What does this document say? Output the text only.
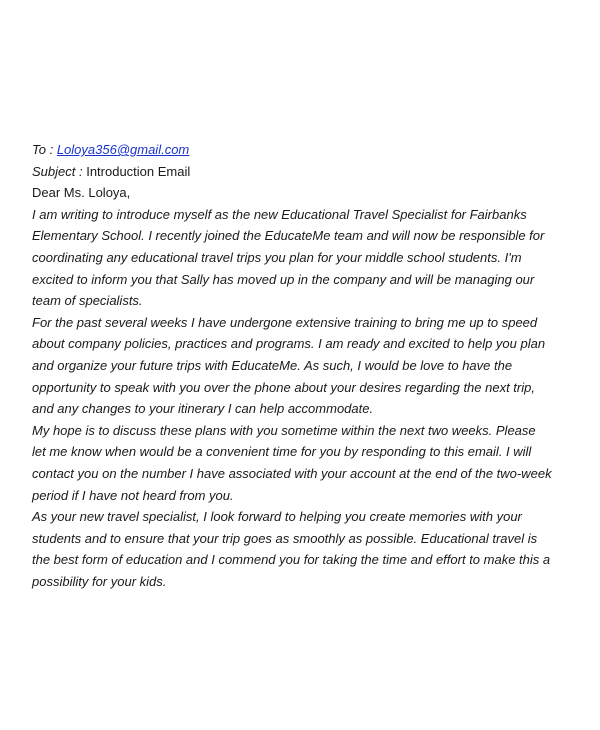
To : Loloya356@gmail.com
Subject : Introduction Email
Dear Ms. Loloya,
I am writing to introduce myself as the new Educational Travel Specialist for Fairbanks
Elementary School. I recently joined the EducateMe team and will now be responsible for
coordinating any educational travel trips you plan for your middle school students. I'm
excited to inform you that Sally has moved up in the company and will be managing our
team of specialists.
For the past several weeks I have undergone extensive training to bring me up to speed
about company policies, practices and programs. I am ready and excited to help you plan
and organize your future trips with EducateMe. As such, I would be love to have the
opportunity to speak with you over the phone about your desires regarding the next trip,
and any changes to your itinerary I can help accommodate.
My hope is to discuss these plans with you sometime within the next two weeks. Please
let me know when would be a convenient time for you by responding to this email. I will
contact you on the number I have associated with your account at the end of the two-week
period if I have not heard from you.
As your new travel specialist, I look forward to helping you create memories with your
students and to ensure that your trip goes as smoothly as possible. Educational travel is
the best form of education and I commend you for taking the time and effort to make this a
possibility for your kids.
